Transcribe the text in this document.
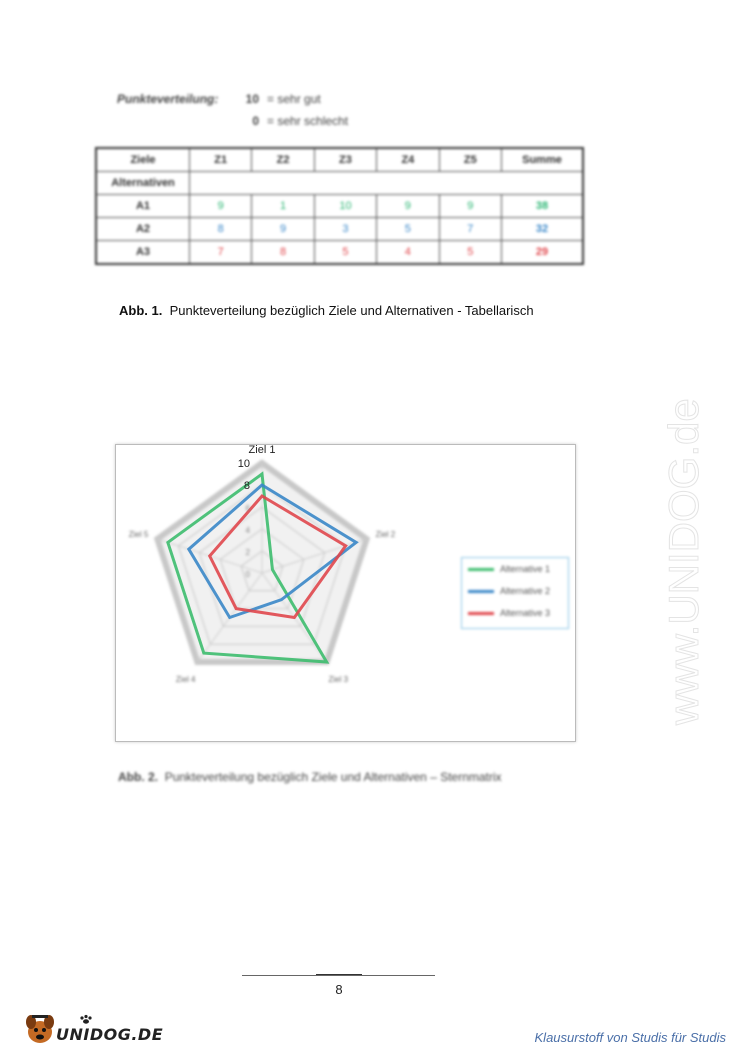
Punkteverteilung:	10 = sehr gut
0 = sehr schlecht
Ziele	Z1	Z2	Z3	Z4	Z5	Summe
Alternativen						
A1	9	1	10	9	9	38
A2	8	9	3	5	7	32
A3	7	8	5	4	5	29
Abb. 1. Punkteverteilung bezüglich Ziele und Alternativen - Tabellarisch
www.UNIDOG.de
Ziel 1
Ziel 2
Ziel 3
Ziel 4
Ziel 5
0
2
4
6
8
10
Alternative 1
Alternative 2
Alternative 3
Abb. 2. Punkteverteilung bezüglich Ziele und Alternativen – Sternmatrix
8
UNIDOG.DE	Klausurstoff von Studis für Studis
